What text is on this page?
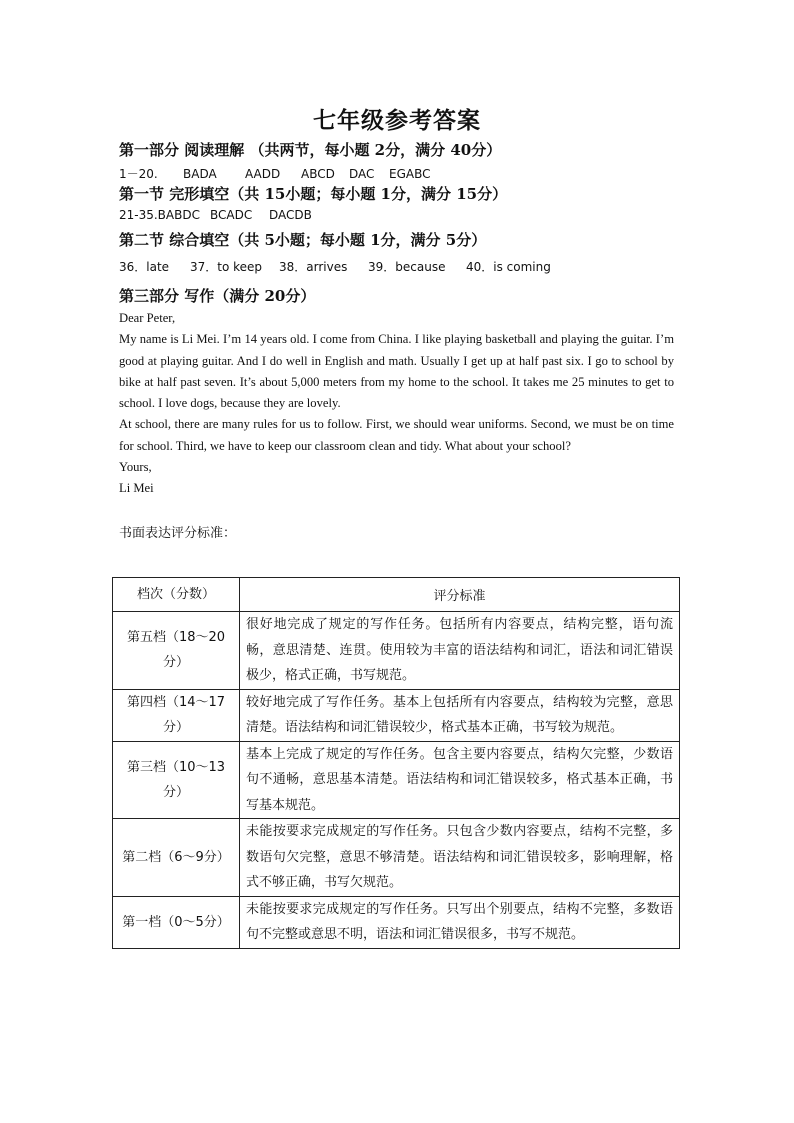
七年级参考答案
第一部分 阅读理解 （共两节，每小题 2分，满分 40分）
1－20. BADA AADD ABCD DAC EGABC
第一节 完形填空（共 15小题；每小题 1分，满分 15分）
21-35.BABDC BCADC DACDB
第二节 综合填空（共 5小题；每小题 1分，满分 5分）
36．late 37．to keep 38．arrives 39．because 40．is coming
第三部分 写作（满分 20分）

Dear Peter,

My name is Li Mei. I’m 14 years old. I come from China. I like playing basketball and playing the guitar. I’m good at playing guitar. And I do well in English and math. Usually I get up at half past six. I go to school by bike at half past seven. It’s about 5,000 meters from my home to the school. It takes me 25 minutes to get to school. I love dogs, because they are lovely.

At school, there are many rules for us to follow. First, we should wear uniforms. Second, we must be on time for school. Third, we have to keep our classroom clean and tidy. What about your school?

Yours,

Li Mei

书面表达评分标准：
档次（分数）	评分标准
第五档（18～20分）	很好地完成了规定的写作任务。包括所有内容要点，结构完整，语句流畅，意思清楚、连贯。使用较为丰富的语法结构和词汇，语法和词汇错误极少，格式正确，书写规范。
第四档（14～17分）	较好地完成了写作任务。基本上包括所有内容要点，结构较为完整，意思清楚。语法结构和词汇错误较少，格式基本正确，书写较为规范。
第三档（10～13分）	基本上完成了规定的写作任务。包含主要内容要点，结构欠完整，少数语句不通畅，意思基本清楚。语法结构和词汇错误较多，格式基本正确，书写基本规范。
第二档（6～9分）	未能按要求完成规定的写作任务。只包含少数内容要点，结构不完整，多数语句欠完整，意思不够清楚。语法结构和词汇错误较多，影响理解，格式不够正确，书写欠规范。
第一档（0～5分）	未能按要求完成规定的写作任务。只写出个别要点，结构不完整，多数语句不完整或意思不明，语法和词汇错误很多，书写不规范。
